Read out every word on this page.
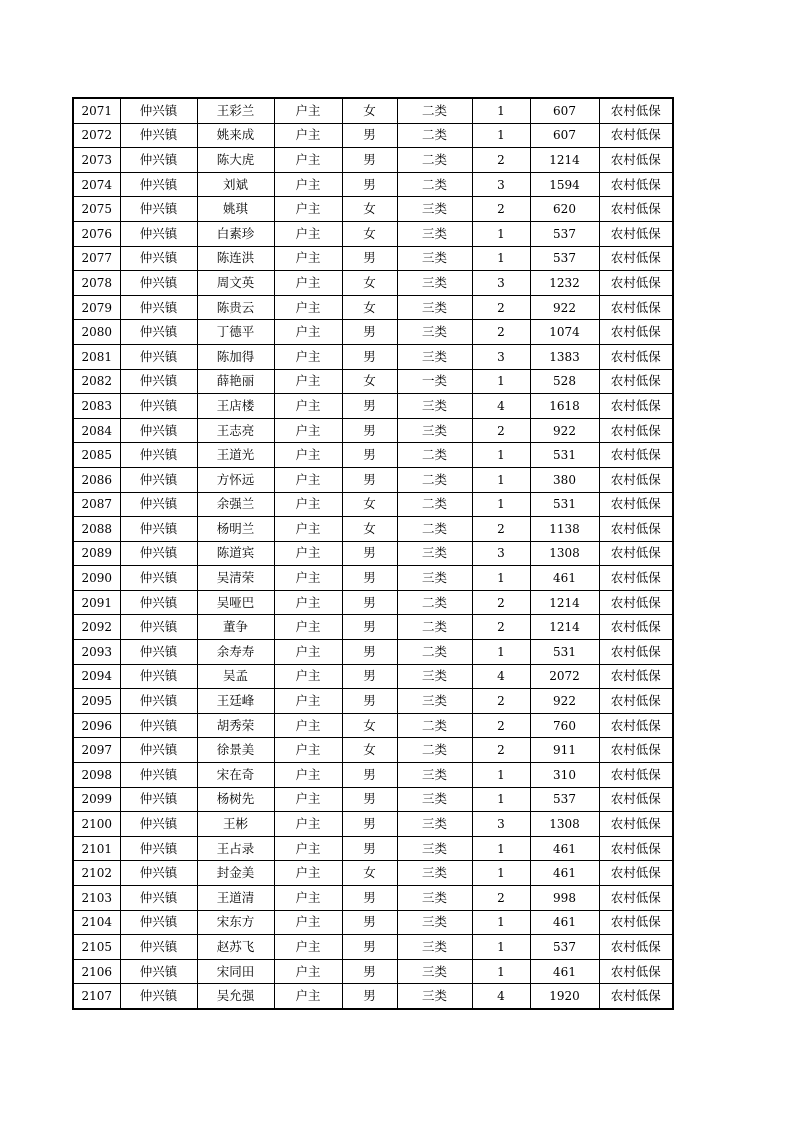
2071	仲兴镇	王彩兰	户主	女	二类	1	607	农村低保
2072	仲兴镇	姚来成	户主	男	二类	1	607	农村低保
2073	仲兴镇	陈大虎	户主	男	二类	2	1214	农村低保
2074	仲兴镇	刘斌	户主	男	二类	3	1594	农村低保
2075	仲兴镇	姚琪	户主	女	三类	2	620	农村低保
2076	仲兴镇	白素珍	户主	女	三类	1	537	农村低保
2077	仲兴镇	陈连洪	户主	男	三类	1	537	农村低保
2078	仲兴镇	周文英	户主	女	三类	3	1232	农村低保
2079	仲兴镇	陈贵云	户主	女	三类	2	922	农村低保
2080	仲兴镇	丁德平	户主	男	三类	2	1074	农村低保
2081	仲兴镇	陈加得	户主	男	三类	3	1383	农村低保
2082	仲兴镇	薛艳丽	户主	女	一类	1	528	农村低保
2083	仲兴镇	王店楼	户主	男	三类	4	1618	农村低保
2084	仲兴镇	王志亮	户主	男	三类	2	922	农村低保
2085	仲兴镇	王道光	户主	男	二类	1	531	农村低保
2086	仲兴镇	方怀远	户主	男	二类	1	380	农村低保
2087	仲兴镇	余强兰	户主	女	二类	1	531	农村低保
2088	仲兴镇	杨明兰	户主	女	二类	2	1138	农村低保
2089	仲兴镇	陈道宾	户主	男	三类	3	1308	农村低保
2090	仲兴镇	吴清荣	户主	男	三类	1	461	农村低保
2091	仲兴镇	吴哑巴	户主	男	二类	2	1214	农村低保
2092	仲兴镇	董争	户主	男	二类	2	1214	农村低保
2093	仲兴镇	余寿寿	户主	男	二类	1	531	农村低保
2094	仲兴镇	吴孟	户主	男	三类	4	2072	农村低保
2095	仲兴镇	王廷峰	户主	男	三类	2	922	农村低保
2096	仲兴镇	胡秀荣	户主	女	二类	2	760	农村低保
2097	仲兴镇	徐景美	户主	女	二类	2	911	农村低保
2098	仲兴镇	宋在奇	户主	男	三类	1	310	农村低保
2099	仲兴镇	杨树先	户主	男	三类	1	537	农村低保
2100	仲兴镇	王彬	户主	男	三类	3	1308	农村低保
2101	仲兴镇	王占录	户主	男	三类	1	461	农村低保
2102	仲兴镇	封金美	户主	女	三类	1	461	农村低保
2103	仲兴镇	王道清	户主	男	三类	2	998	农村低保
2104	仲兴镇	宋东方	户主	男	三类	1	461	农村低保
2105	仲兴镇	赵苏飞	户主	男	三类	1	537	农村低保
2106	仲兴镇	宋同田	户主	男	三类	1	461	农村低保
2107	仲兴镇	吴允强	户主	男	三类	4	1920	农村低保
